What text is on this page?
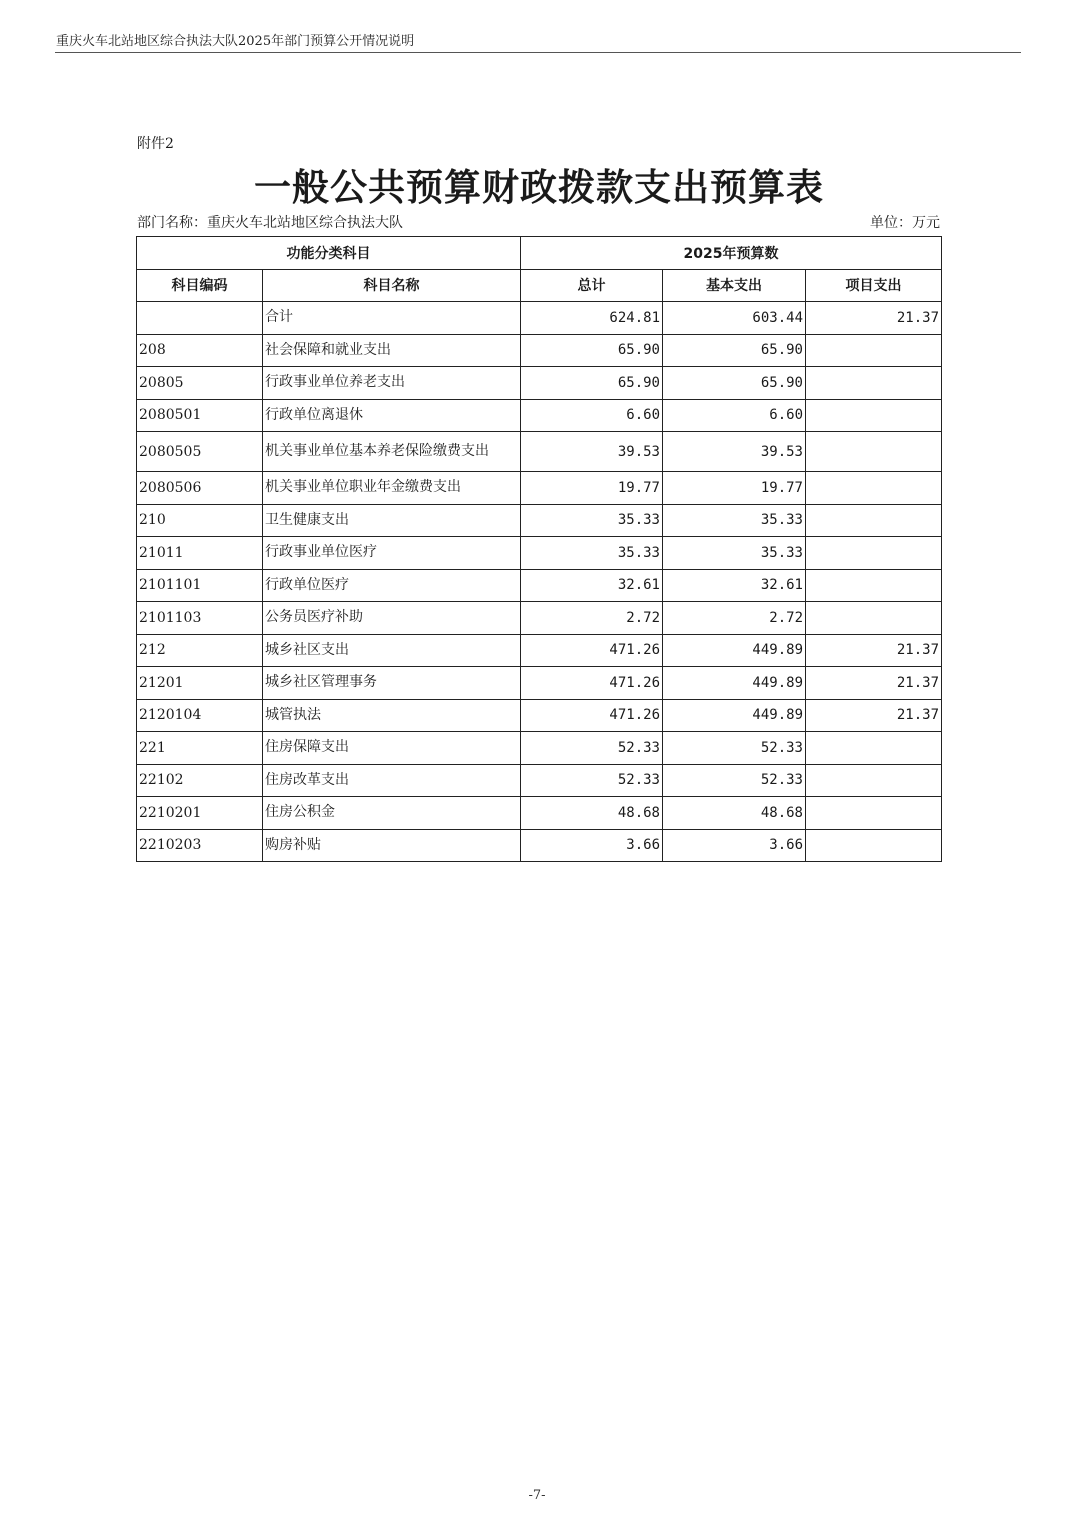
重庆火车北站地区综合执法大队2025年部门预算公开情况说明
附件2
一般公共预算财政拨款支出预算表
部门名称：重庆火车北站地区综合执法大队	单位：万元
功能分类科目		2025年预算数		
科目编码	科目名称	总计	基本支出	项目支出
	合计	624.81	603.44	21.37
208	社会保障和就业支出	65.90	65.90	
20805	行政事业单位养老支出	65.90	65.90	
2080501	行政单位离退休	6.60	6.60	
2080505	机关事业单位基本养老保险缴费支出	39.53	39.53	
2080506	机关事业单位职业年金缴费支出	19.77	19.77	
210	卫生健康支出	35.33	35.33	
21011	行政事业单位医疗	35.33	35.33	
2101101	行政单位医疗	32.61	32.61	
2101103	公务员医疗补助	2.72	2.72	
212	城乡社区支出	471.26	449.89	21.37
21201	城乡社区管理事务	471.26	449.89	21.37
2120104	城管执法	471.26	449.89	21.37
221	住房保障支出	52.33	52.33	
22102	住房改革支出	52.33	52.33	
2210201	住房公积金	48.68	48.68	
2210203	购房补贴	3.66	3.66	
-7-
